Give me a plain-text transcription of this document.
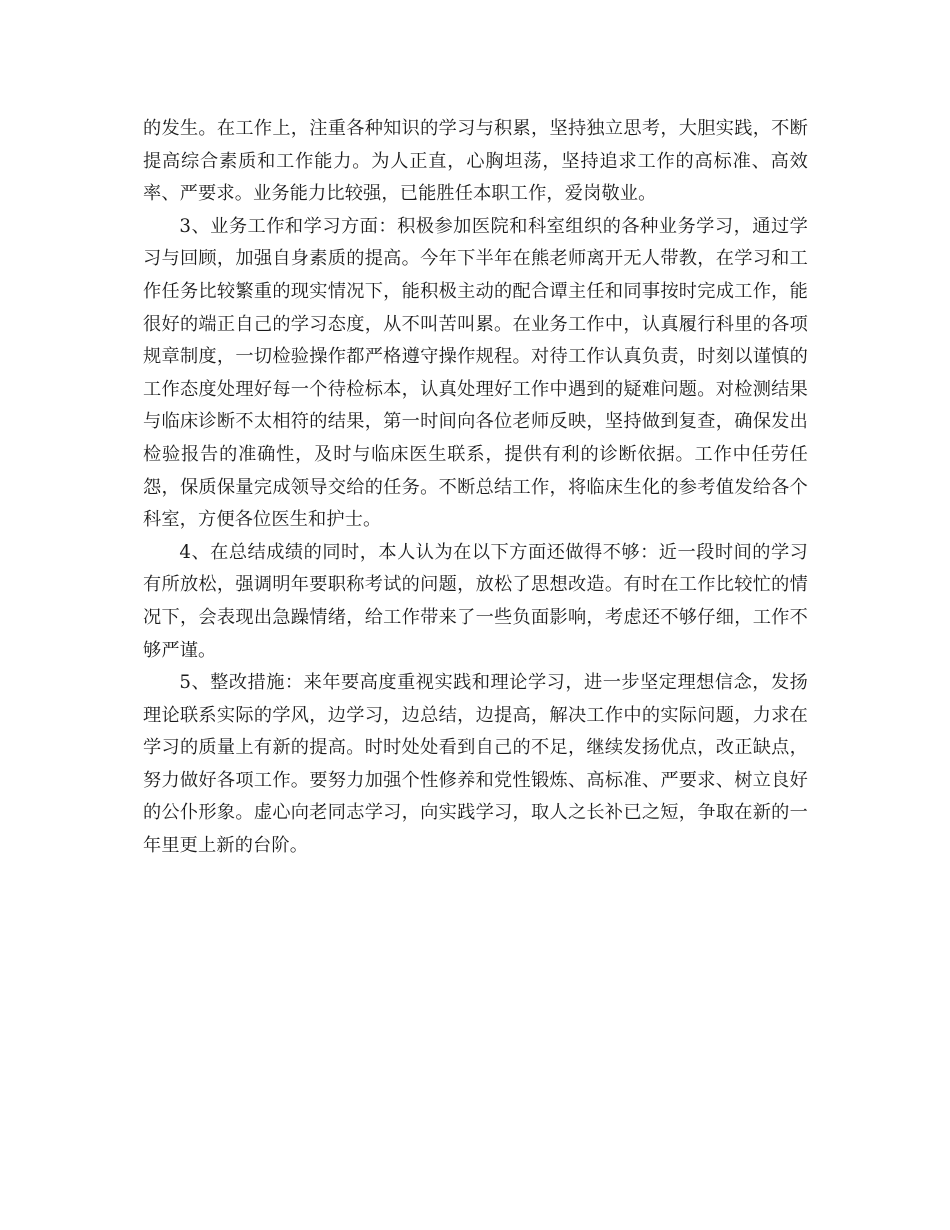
的发生。在工作上，注重各种知识的学习与积累，坚持独立思考，大胆实践，不断提高综合素质和工作能力。为人正直，心胸坦荡，坚持追求工作的高标准、高效率、严要求。业务能力比较强，已能胜任本职工作，爱岗敬业。

3、业务工作和学习方面：积极参加医院和科室组织的各种业务学习，通过学习与回顾，加强自身素质的提高。今年下半年在熊老师离开无人带教，在学习和工作任务比较繁重的现实情况下，能积极主动的配合谭主任和同事按时完成工作，能很好的端正自己的学习态度，从不叫苦叫累。在业务工作中，认真履行科里的各项规章制度，一切检验操作都严格遵守操作规程。对待工作认真负责，时刻以谨慎的工作态度处理好每一个待检标本，认真处理好工作中遇到的疑难问题。对检测结果与临床诊断不太相符的结果，第一时间向各位老师反映，坚持做到复查，确保发出检验报告的准确性，及时与临床医生联系，提供有利的诊断依据。工作中任劳任怨，保质保量完成领导交给的任务。不断总结工作，将临床生化的参考值发给各个科室，方便各位医生和护士。

4、在总结成绩的同时，本人认为在以下方面还做得不够：近一段时间的学习有所放松，强调明年要职称考试的问题，放松了思想改造。有时在工作比较忙的情况下，会表现出急躁情绪，给工作带来了一些负面影响，考虑还不够仔细，工作不够严谨。

5、整改措施：来年要高度重视实践和理论学习，进一步坚定理想信念，发扬理论联系实际的学风，边学习，边总结，边提高，解决工作中的实际问题，力求在学习的质量上有新的提高。时时处处看到自己的不足，继续发扬优点，改正缺点，努力做好各项工作。要努力加强个性修养和党性锻炼、高标准、严要求、树立良好的公仆形象。虚心向老同志学习，向实践学习，取人之长补已之短，争取在新的一年里更上新的台阶。
